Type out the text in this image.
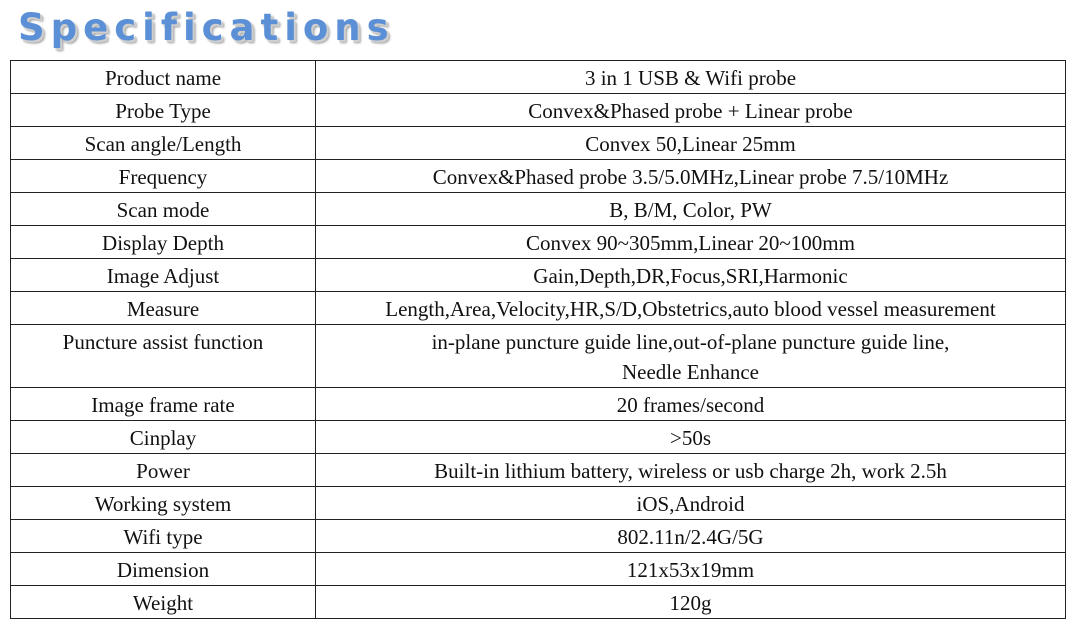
Specifications
Product name	3 in 1 USB & Wifi probe
Probe Type	Convex&Phased probe + Linear probe
Scan angle/Length	Convex 50,Linear 25mm
Frequency	Convex&Phased probe 3.5/5.0MHz,Linear probe 7.5/10MHz
Scan mode	B, B/M, Color, PW
Display Depth	Convex 90~305mm,Linear 20~100mm
Image Adjust	Gain,Depth,DR,Focus,SRI,Harmonic
Measure	Length,Area,Velocity,HR,S/D,Obstetrics,auto blood vessel measurement
Puncture assist function	in-plane puncture guide line,out-of-plane puncture guide line,
Needle Enhance

Image frame rate	20 frames/second
Cinplay	>50s
Power	Built-in lithium battery, wireless or usb charge 2h, work 2.5h
Working system	iOS,Android
Wifi type	802.11n/2.4G/5G
Dimension	121x53x19mm
Weight	120g
